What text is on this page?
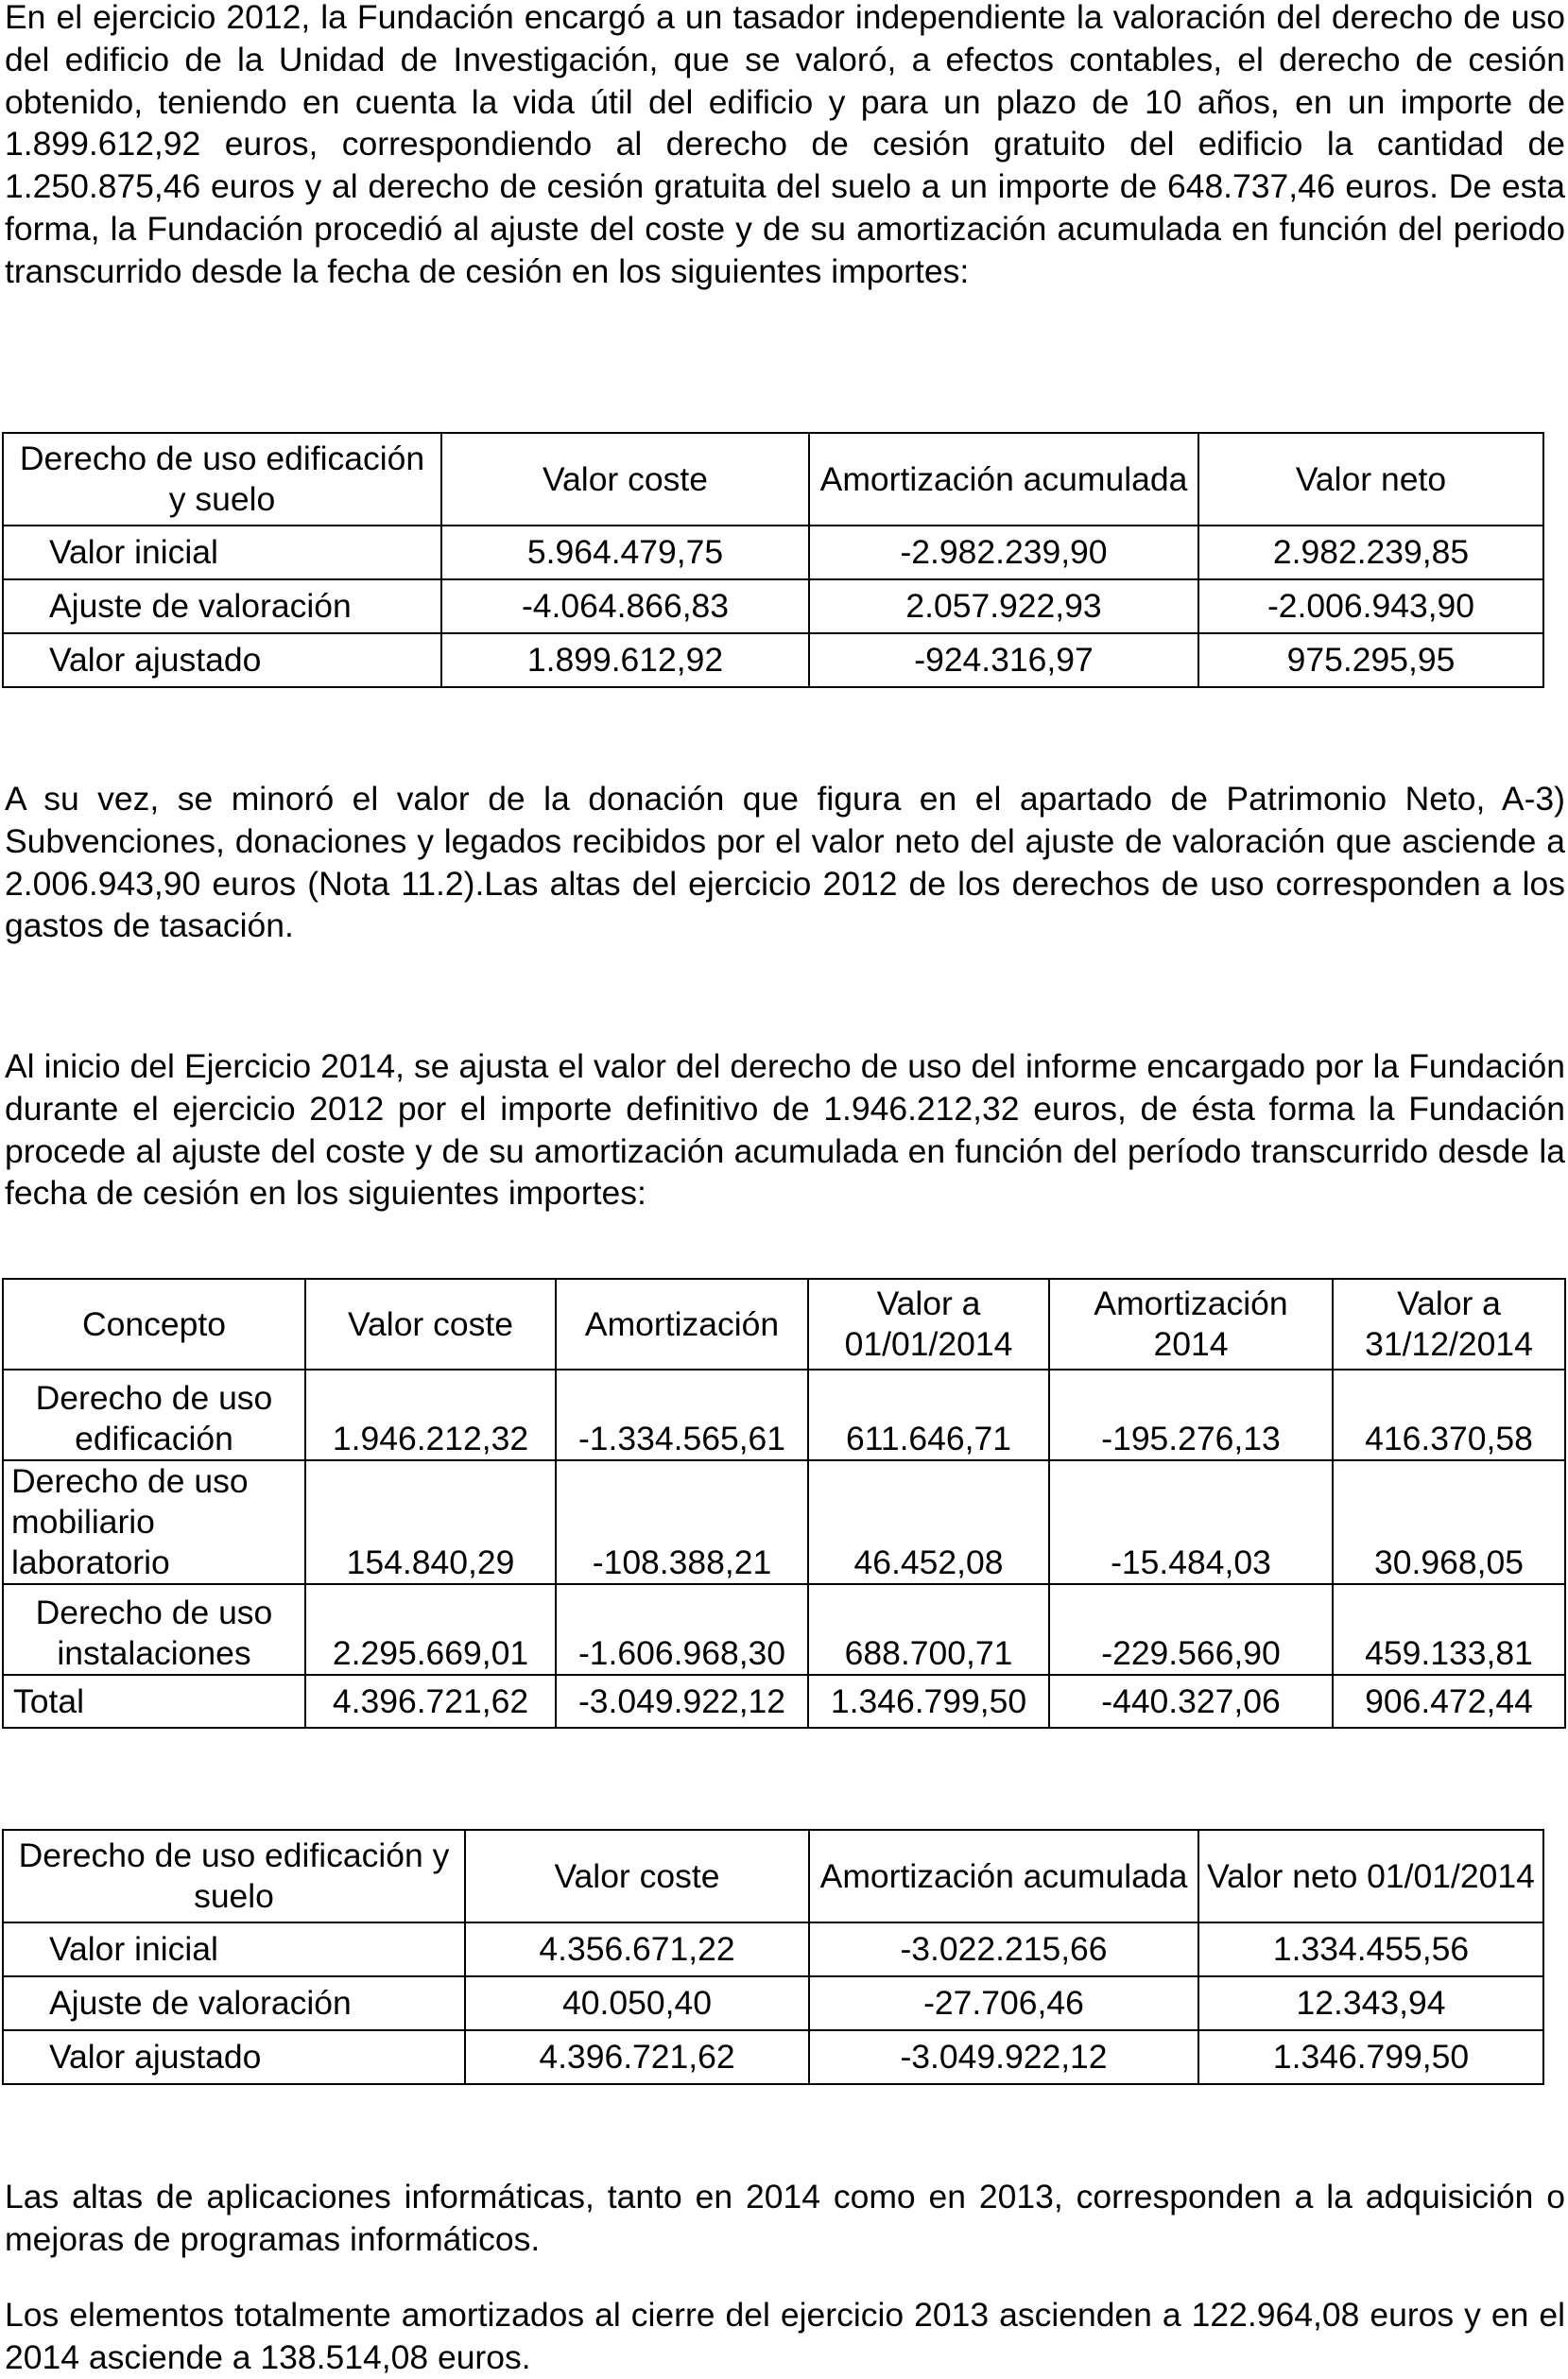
En el ejercicio 2012, la Fundación encargó a un tasador independiente la valoración del derecho de uso del edificio de la Unidad de Investigación, que se valoró, a efectos contables, el derecho de cesión obtenido, teniendo en cuenta la vida útil del edificio y para un plazo de 10 años, en un importe de 1.899.612,92 euros, correspondiendo al derecho de cesión gratuito del edificio la cantidad de 1.250.875,46 euros y al derecho de cesión gratuita del suelo a un importe de 648.737,46 euros. De esta forma, la Fundación procedió al ajuste del coste y de su amortización acumulada en función del periodo transcurrido desde la fecha de cesión en los siguientes importes:

Derecho de uso edificación y suelo	Valor coste	Amortización acumulada	Valor neto
Valor inicial	5.964.479,75	-2.982.239,90	2.982.239,85
Ajuste de valoración	-4.064.866,83	2.057.922,93	-2.006.943,90
Valor ajustado	1.899.612,92	-924.316,97	975.295,95

A su vez, se minoró el valor de la donación que figura en el apartado de Patrimonio Neto, A-3) Subvenciones, donaciones y legados recibidos por el valor neto del ajuste de valoración que asciende a 2.006.943,90 euros (Nota 11.2).Las altas del ejercicio 2012 de los derechos de uso corresponden a los gastos de tasación.

Al inicio del Ejercicio 2014, se ajusta el valor del derecho de uso del informe encargado por la Fundación durante el ejercicio 2012 por el importe definitivo de 1.946.212,32 euros, de ésta forma la Fundación procede al ajuste del coste y de su amortización acumulada en función del período transcurrido desde la fecha de cesión en los siguientes importes:

Concepto	Valor coste	Amortización	Valor a 01/01/2014	Amortización 2014	Valor a 31/12/2014
Derecho de uso edificación	1.946.212,32	-1.334.565,61	611.646,71	-195.276,13	416.370,58

Derecho de uso mobiliario laboratorio	154.840,29	-108.388,21	46.452,08	-15.484,03	30.968,05
Derecho de uso instalaciones	2.295.669,01	-1.606.968,30	688.700,71	-229.566,90	459.133,81
Total	4.396.721,62	-3.049.922,12	1.346.799,50	-440.327,06	906.472,44
Derecho de uso edificación y suelo	Valor coste	Amortización acumulada	Valor neto 01/01/2014
Valor inicial	4.356.671,22	-3.022.215,66	1.334.455,56
Ajuste de valoración	40.050,40	-27.706,46	12.343,94
Valor ajustado	4.396.721,62	-3.049.922,12	1.346.799,50

Las altas de aplicaciones informáticas, tanto en 2014 como en 2013, corresponden a la adquisición o mejoras de programas informáticos.

Los elementos totalmente amortizados al cierre del ejercicio 2013 ascienden a 122.964,08 euros y en el 2014 asciende a 138.514,08 euros.
